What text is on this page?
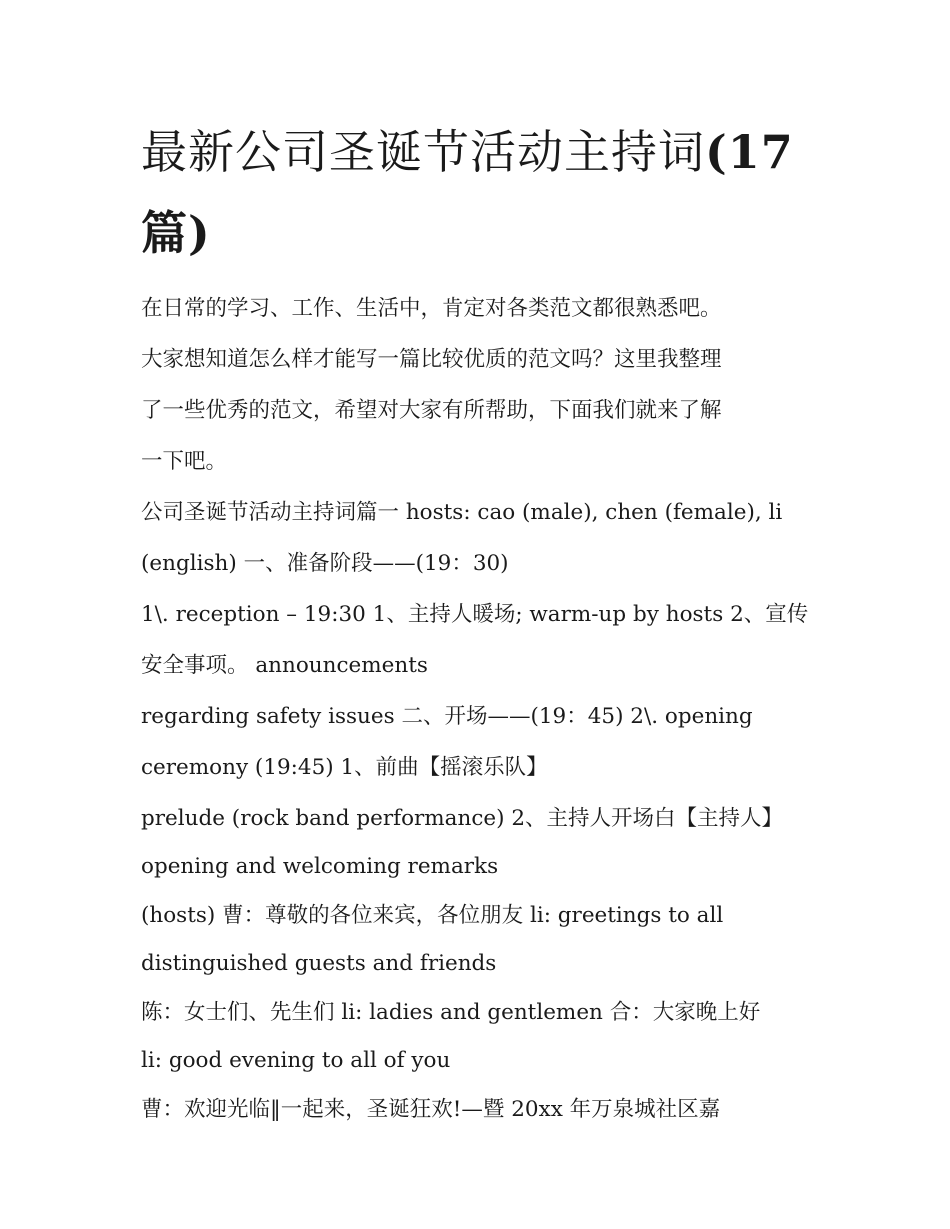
最新公司圣诞节活动主持词(17
篇)

在日常的学习、工作、生活中，肯定对各类范文都很熟悉吧。
大家想知道怎么样才能写一篇比较优质的范文吗？这里我整理
了一些优秀的范文，希望对大家有所帮助，下面我们就来了解
一下吧。

公司圣诞节活动主持词篇一 hosts: cao (male), chen (female), li
(english) 一、准备阶段——(19：30)
1\. reception – 19:30 1、主持人暖场; warm-up by hosts 2、宣传
安全事项。 announcements
regarding safety issues 二、开场——(19：45) 2\. opening
ceremony (19:45) 1、前曲【摇滚乐队】
prelude (rock band performance) 2、主持人开场白【主持人】
opening and welcoming remarks
(hosts) 曹：尊敬的各位来宾，各位朋友 li: greetings to all
distinguished guests and friends
陈：女士们、先生们 li: ladies and gentlemen 合：大家晚上好
li: good evening to all of you
曹：欢迎光临‖一起来，圣诞狂欢!—暨 20xx 年万泉城社区嘉
